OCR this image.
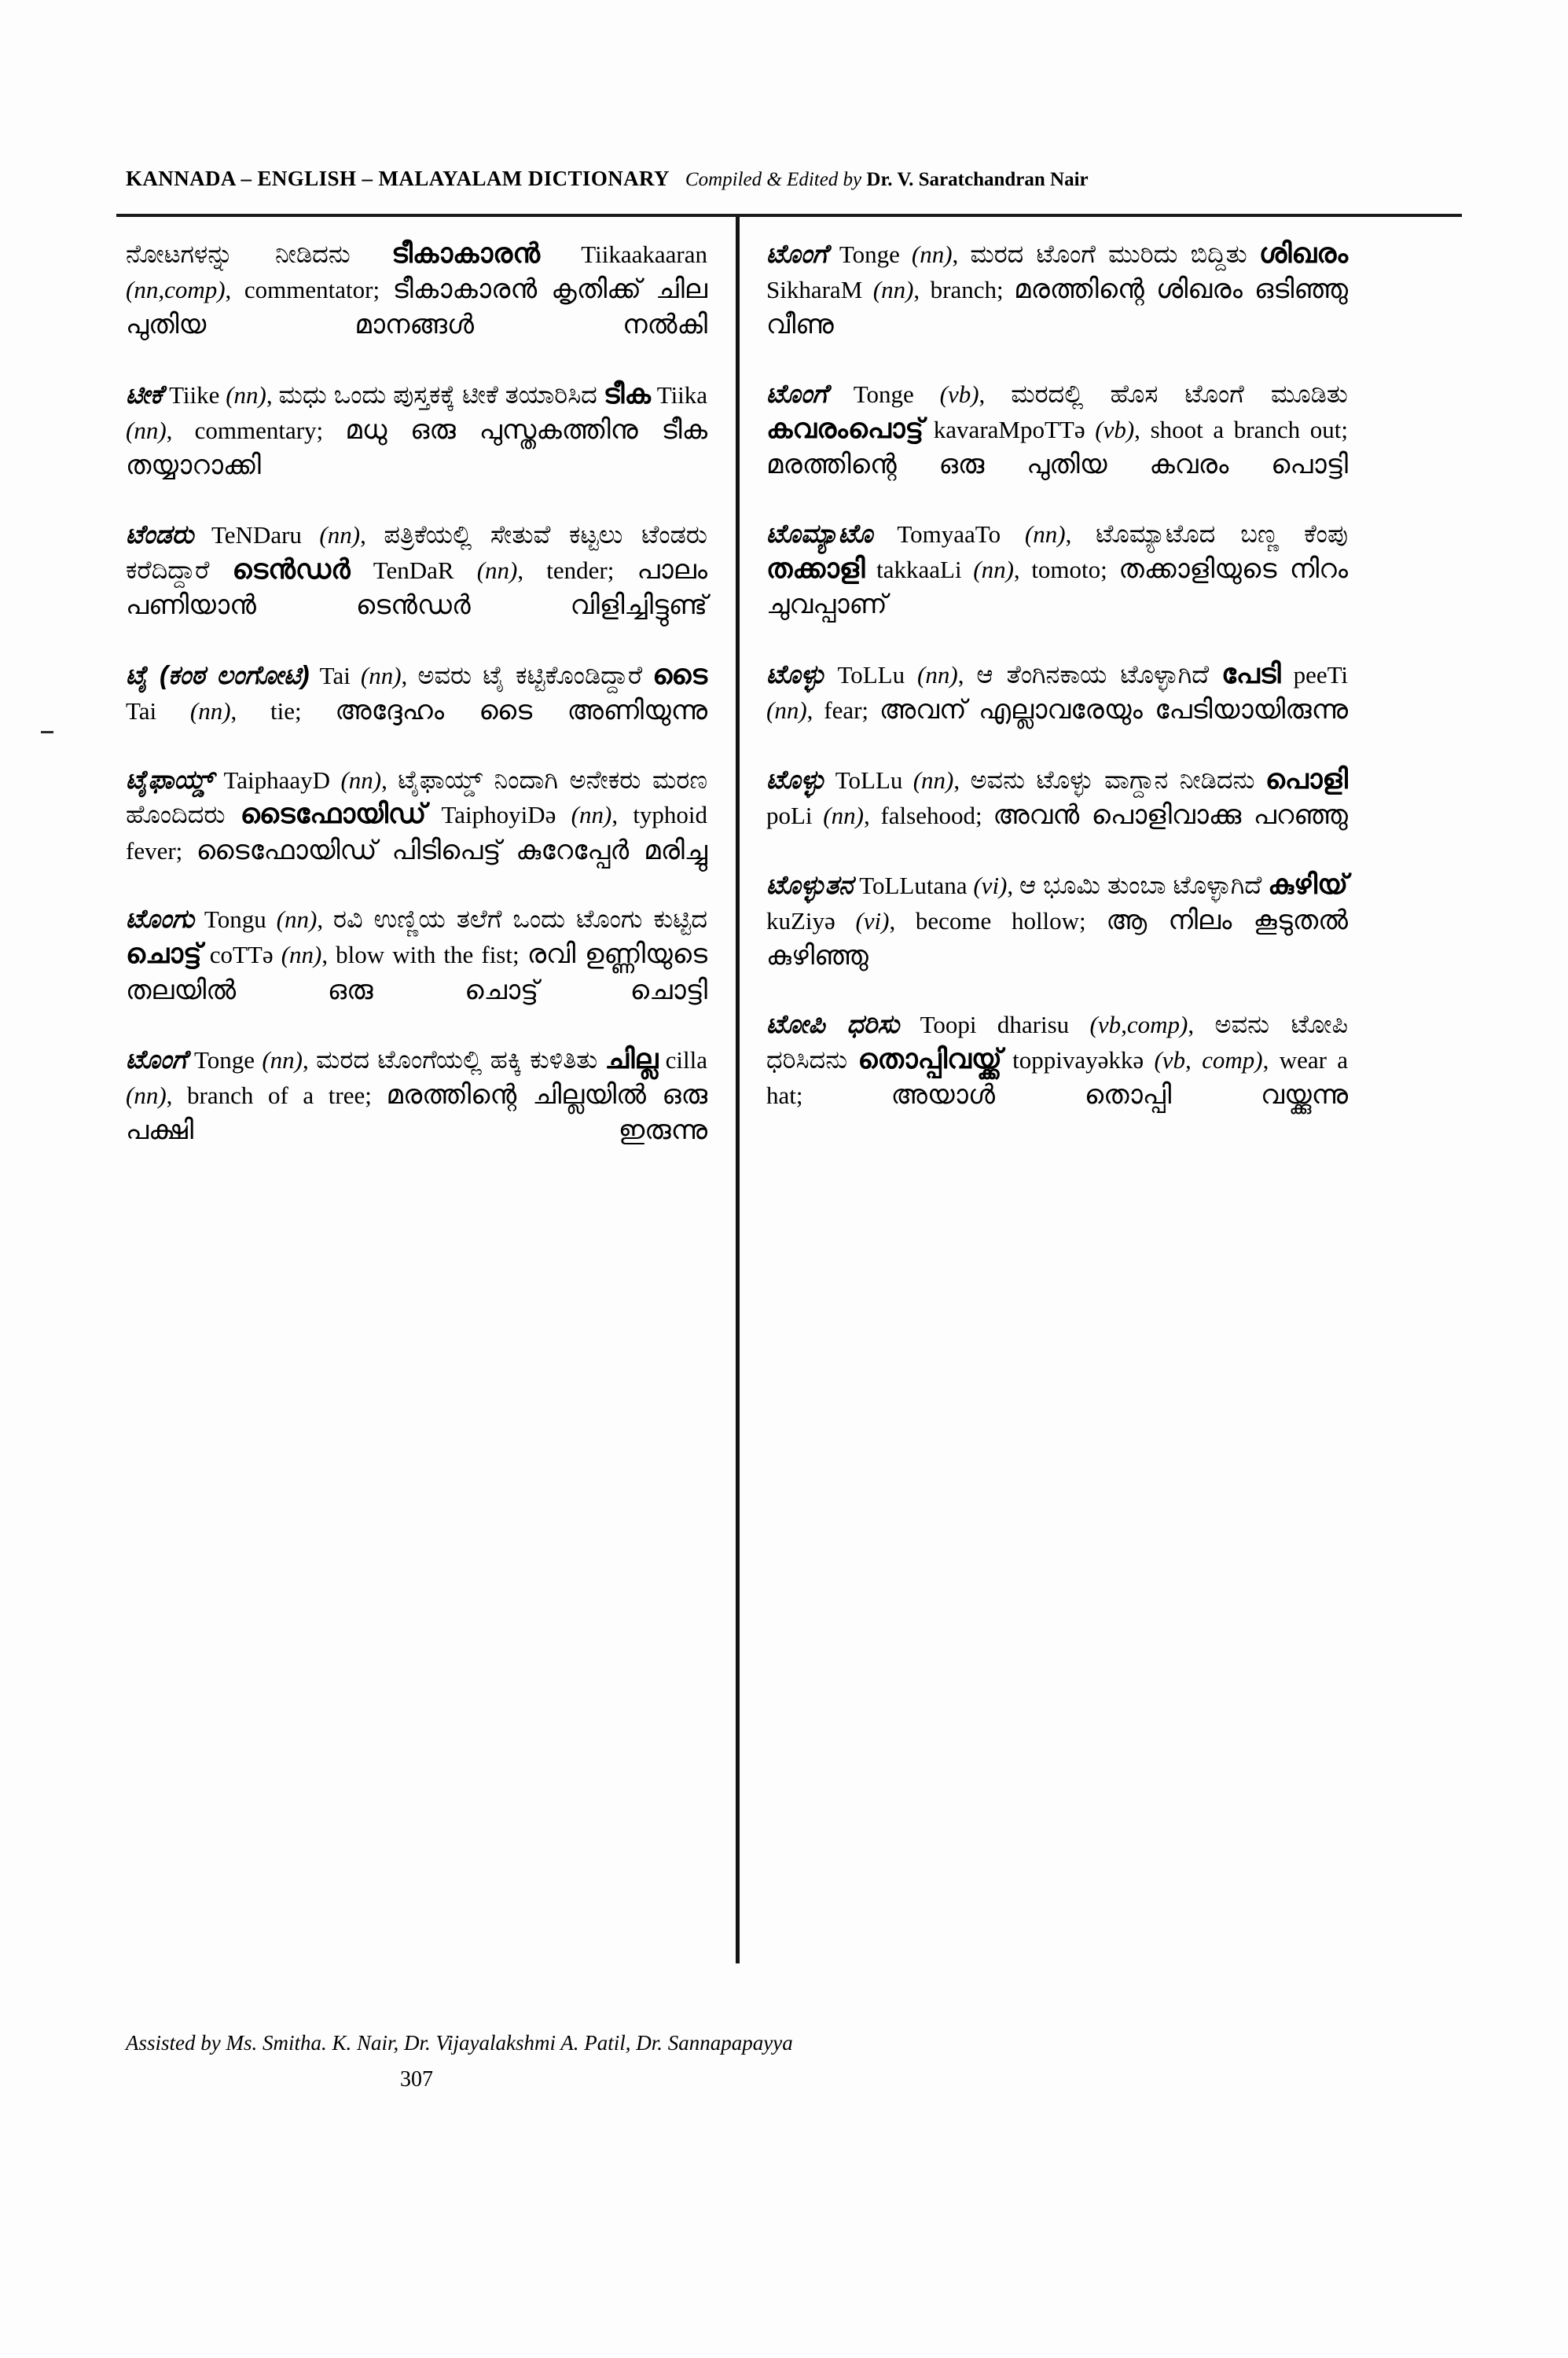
KANNADA – ENGLISH – MALAYALAM DICTIONARY Compiled & Edited by Dr. V. Saratchandran Nair

ನೋಟಗಳನ್ನು ನೀಡಿದನು ടീകാകാരൻ Tiikaakaaran (nn,comp), commentator; ടീകാകാരൻ കൃതിക്ക് ചില പുതിയ മാനങ്ങൾ നൽകി

ಟೀಕೆ Tiike (nn), ಮಧು ಒಂದು ಪುಸ್ತಕಕ್ಕೆ ಟೀಕೆ ತಯಾರಿಸಿದ ടീക Tiika (nn), commentary; മധു ഒരു പുസ്തകത്തിനു ടീക തയ്യാറാക്കി

ಟೆಂಡರು TeNDaru (nn), ಪತ್ರಿಕೆಯಲ್ಲಿ ಸೇತುವೆ ಕಟ್ಟಲು ಟೆಂಡರು ಕರೆದಿದ್ದಾರೆ ടെൻഡർ TenDaR (nn), tender; പാലം പണിയാൻ ടെൻഡർ വിളിച്ചിട്ടുണ്ട്

ಟೈ (ಕಂಠ ಲಂಗೋಟಿ) Tai (nn), ಅವರು ಟೈ ಕಟ್ಟಿಕೊಂಡಿದ್ದಾರೆ ടൈ Tai (nn), tie; അദ്ദേഹം ടൈ അണിയുന്നു

ಟೈಫಾಯ್ಡ್ TaiphaayD (nn), ಟೈಫಾಯ್ಡ್ ನಿಂದಾಗಿ ಅನೇಕರು ಮರಣ ಹೊಂದಿದರು ടൈഫോയിഡ് TaiphoyiDə (nn), typhoid fever; ടൈഫോയിഡ് പിടിപെട്ട് കുറേപ്പേർ മരിച്ചു

ಟೊಂಗು Tongu (nn), ರವಿ ಉಣ್ಣಿಯ ತಲೆಗೆ ಒಂದು ಟೊಂಗು ಕುಟ್ಟಿದ ചൊട്ട് coTTə (nn), blow with the fist; രവി ഉണ്ണിയുടെ തലയിൽ ഒരു ചൊട്ട് ചൊട്ടി

ಟೊಂಗೆ Tonge (nn), ಮರದ ಟೊಂಗೆಯಲ್ಲಿ ಹಕ್ಕಿ ಕುಳಿತಿತು ചില്ല cilla (nn), branch of a tree; മരത്തിന്റെ ചില്ലയിൽ ഒരു പക്ഷി ഇരുന്നു

ಟೊಂಗೆ Tonge (nn), ಮರದ ಟೊಂಗೆ ಮುರಿದು ಬಿದ್ದಿತು ശിഖരം SikharaM (nn), branch; മരത്തിന്റെ ശിഖരം ഒടിഞ്ഞു വീണു

ಟೊಂಗೆ Tonge (vb), ಮರದಲ್ಲಿ ಹೊಸ ಟೊಂಗೆ ಮೂಡಿತು കവരംപൊട്ട് kavaraMpoTTə (vb), shoot a branch out; മരത്തിന്റെ ഒരു പുതിയ കവരം പൊട്ടി

ಟೊಮ್ಯಾಟೊ TomyaaTo (nn), ಟೊಮ್ಯಾಟೊದ ಬಣ್ಣ ಕೆಂಪು തക്കാളി takkaaLi (nn), tomoto; തക്കാളിയുടെ നിറം ചുവപ്പാണ്

ಟೊಳ್ಳು ToLLu (nn), ಆ ತೆಂಗಿನಕಾಯ ಟೊಳ್ಳಾಗಿದೆ പേടി peeTi (nn), fear; അവന് എല്ലാവരേയും പേടിയായിരുന്നു

ಟೊಳ್ಳು ToLLu (nn), ಅವನು ಟೊಳ್ಳು ವಾಗ್ದಾನ ನೀಡಿದನು പൊളി poLi (nn), falsehood; അവൻ പൊളിവാക്കു പറഞ്ഞു

ಟೊಳ್ಳುತನ ToLLutana (vi), ಆ ಭೂಮಿ ತುಂಬಾ ಟೊಳ್ಳಾಗಿದೆ കുഴിയ് kuZiyə (vi), become hollow; ആ നിലം കൂടുതൽ കുഴിഞ്ഞു

ಟೋಪಿ ಧರಿಸು Toopi dharisu (vb,comp), ಅವನು ಟೋಪಿ ಧರಿಸಿದನು തൊപ്പിവയ്ക്ക് toppivayəkkə (vb, comp), wear a hat;	അയാൾ തൊപ്പി വയ്ക്കുന്നു

Assisted by Ms. Smitha. K. Nair, Dr. Vijayalakshmi A. Patil, Dr. Sannapapayya
307
